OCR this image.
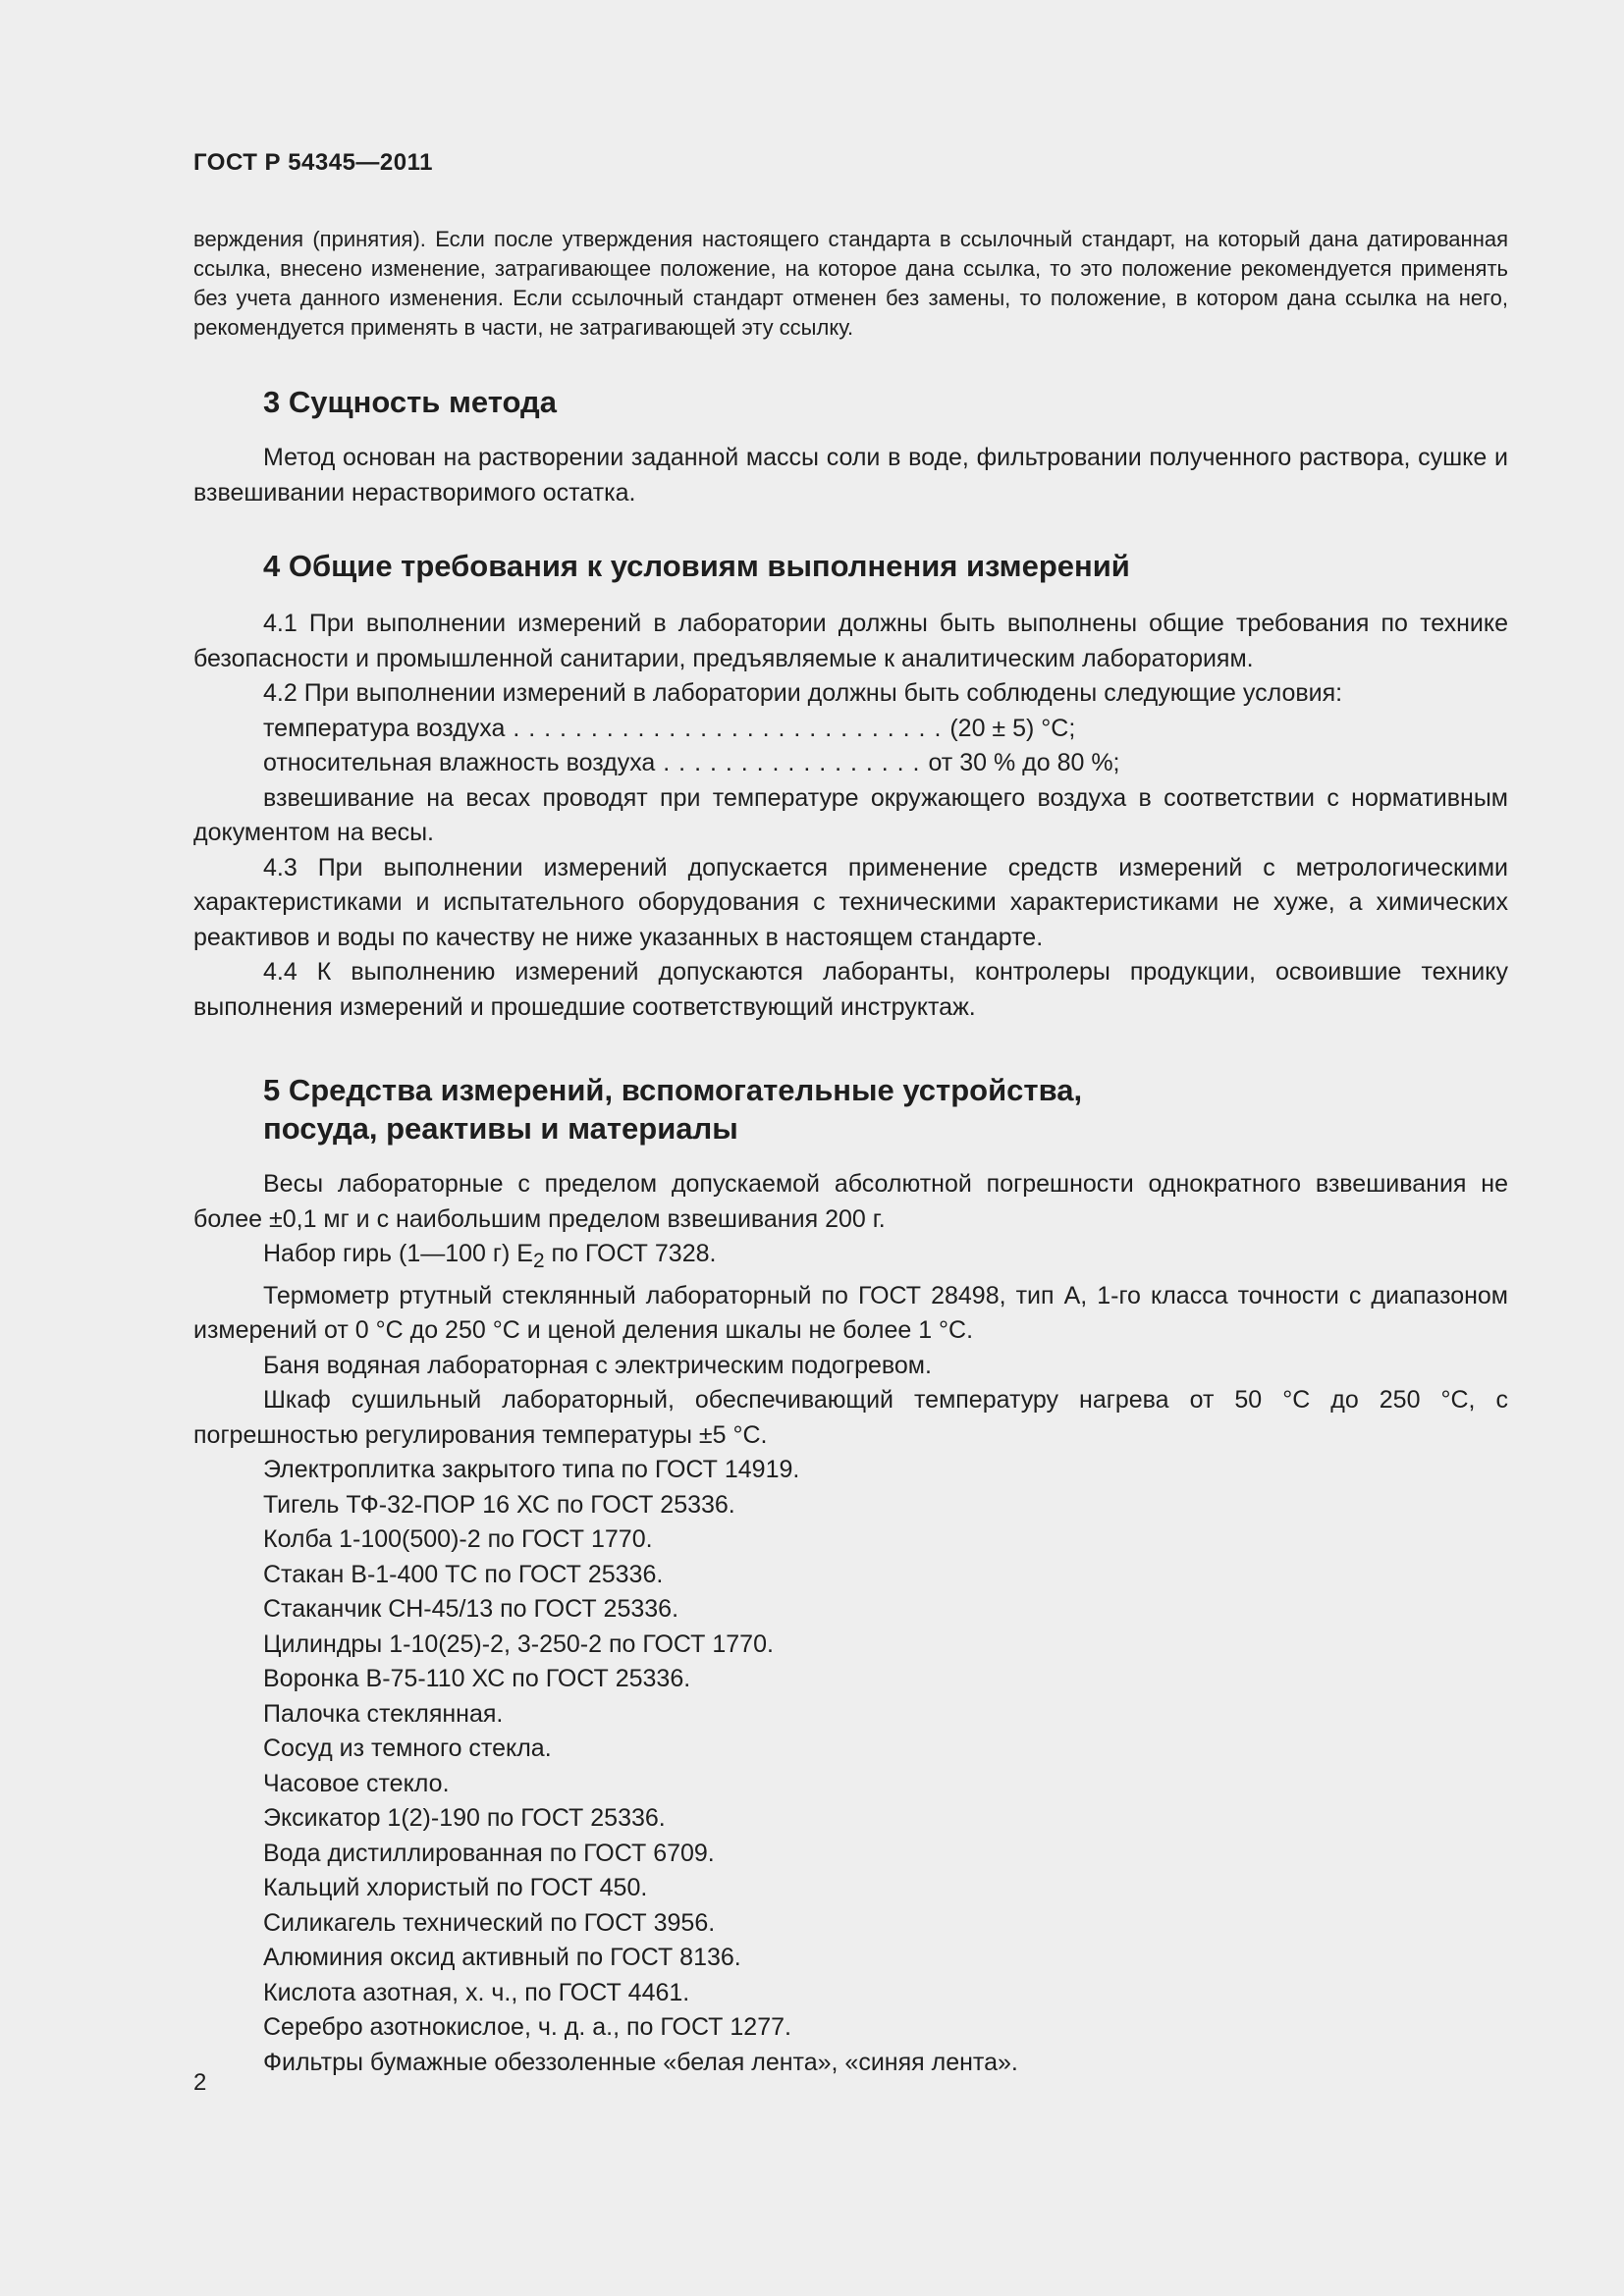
ГОСТ Р 54345—2011

верждения (принятия). Если после утверждения настоящего стандарта в ссылочный стандарт, на который дана датированная ссылка, внесено изменение, затрагивающее положение, на которое дана ссылка, то это положение рекомендуется применять без учета данного изменения. Если ссылочный стандарт отменен без замены, то положение, в котором дана ссылка на него, рекомендуется применять в части, не затрагивающей эту ссылку.

3 Сущность метода

Метод основан на растворении заданной массы соли в воде, фильтровании полученного раствора, сушке и взвешивании нерастворимого остатка.

4 Общие требования к условиям выполнения измерений

4.1 При выполнении измерений в лаборатории должны быть выполнены общие требования по технике безопасности и промышленной санитарии, предъявляемые к аналитическим лабораториям.

4.2 При выполнении измерений в лаборатории должны быть соблюдены следующие условия:

температура воздуха . . . . . . . . . . . . . . . . . . . . . . . . . . . . (20 ± 5) °С;

относительная влажность воздуха . . . . . . . . . . . . . . . . . от 30 % до 80 %;

взвешивание на весах проводят при температуре окружающего воздуха в соответствии с нормативным документом на весы.

4.3 При выполнении измерений допускается применение средств измерений с метрологическими характеристиками и испытательного оборудования с техническими характеристиками не хуже, а химических реактивов и воды по качеству не ниже указанных в настоящем стандарте.

4.4 К выполнению измерений допускаются лаборанты, контролеры продукции, освоившие технику выполнения измерений и прошедшие соответствующий инструктаж.

5 Средства измерений, вспомогательные устройства,
посуда, реактивы и материалы

Весы лабораторные с пределом допускаемой абсолютной погрешности однократного взвешивания не более ±0,1 мг и с наибольшим пределом взвешивания 200 г.

Набор гирь (1—100 г) $E_2$ по ГОСТ 7328.

Термометр ртутный стеклянный лабораторный по ГОСТ 28498, тип А, 1-го класса точности с диапазоном измерений от 0 °С до 250 °С и ценой деления шкалы не более 1 °С.

Баня водяная лабораторная с электрическим подогревом.

Шкаф сушильный лабораторный, обеспечивающий температуру нагрева от 50 °С до 250 °С, с погрешностью регулирования температуры ±5 °С.

Электроплитка закрытого типа по ГОСТ 14919.

Тигель ТФ-32-ПОР 16 ХС по ГОСТ 25336.

Колба 1-100(500)-2 по ГОСТ 1770.

Стакан В-1-400 ТС по ГОСТ 25336.

Стаканчик СН-45/13 по ГОСТ 25336.

Цилиндры 1-10(25)-2, 3-250-2 по ГОСТ 1770.

Воронка В-75-110 ХС по ГОСТ 25336.

Палочка стеклянная.

Сосуд из темного стекла.

Часовое стекло.

Эксикатор 1(2)-190 по ГОСТ 25336.

Вода дистиллированная по ГОСТ 6709.

Кальций хлористый по ГОСТ 450.

Силикагель технический по ГОСТ 3956.

Алюминия оксид активный по ГОСТ 8136.

Кислота азотная, х. ч., по ГОСТ 4461.

Серебро азотнокислое, ч. д. а., по ГОСТ 1277.

Фильтры бумажные обеззоленные «белая лента», «синяя лента».

2
